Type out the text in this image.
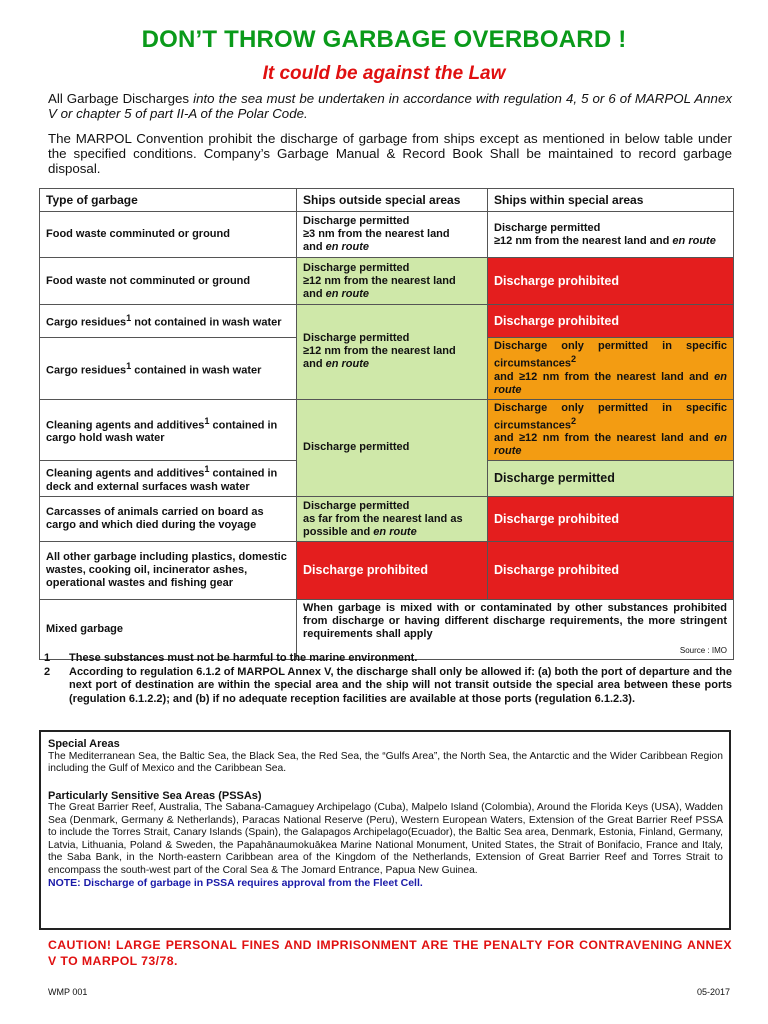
DON’T THROW GARBAGE OVERBOARD !
It could be against the Law
All Garbage Discharges into the sea must be undertaken in accordance with regulation 4, 5 or 6 of MARPOL Annex V or chapter 5 of part II-A of the Polar Code.
The MARPOL Convention prohibit the discharge of garbage from ships except as mentioned in below table under the specified conditions. Company’s Garbage Manual & Record Book Shall be maintained to record garbage disposal.
Type of garbage	Ships outside special areas	Ships within special areas
Food waste comminuted or ground	Discharge permitted
≥3 nm from the nearest land
and en route	Discharge permitted
≥12 nm from the nearest land and en route
Food waste not comminuted or ground	Discharge permitted
≥12 nm from the nearest land
and en route	Discharge prohibited
Cargo residues$^1$ not contained in wash water	Discharge permitted
≥12 nm from the nearest land
and en route	Discharge prohibited
Cargo residues$^1$ contained in wash water		Discharge only permitted in specific circumstances$^2$
and ≥12 nm from the nearest land and en route
Cleaning agents and additives$^1$ contained in cargo hold wash water	Discharge permitted	Discharge only permitted in specific circumstances$^2$
and ≥12 nm from the nearest land and en route
Cleaning agents and additives$^1$ contained in deck and external surfaces wash water		Discharge permitted
Carcasses of animals carried on board as cargo and which died during the voyage	Discharge permitted
as far from the nearest land as possible and en route	Discharge prohibited
All other garbage including plastics, domestic wastes, cooking oil, incinerator ashes, operational wastes and fishing gear	Discharge prohibited	Discharge prohibited
Mixed garbage	When garbage is mixed with or contaminated by other substances prohibited from discharge or having different discharge requirements, the more stringent requirements shall apply
Source : IMO	
1	These substances must not be harmful to the marine environment.
2	According to regulation 6.1.2 of MARPOL Annex V, the discharge shall only be allowed if: (a) both the port of departure and the next port of destination are within the special area and the ship will not transit outside the special area between these ports (regulation 6.1.2.2); and (b) if no adequate reception facilities are available at those ports (regulation 6.1.2.3).
Special Areas

The Mediterranean Sea, the Baltic Sea, the Black Sea, the Red Sea, the “Gulfs Area”, the North Sea, the Antarctic and the Wider Caribbean Region including the Gulf of Mexico and the Caribbean Sea.

Particularly Sensitive Sea Areas (PSSAs)

The Great Barrier Reef, Australia, The Sabana-Camaguey Archipelago (Cuba), Malpelo Island (Colombia), Around the Florida Keys (USA), Wadden Sea (Denmark, Germany & Netherlands), Paracas National Reserve (Peru), Western European Waters, Extension of the Great Barrier Reef PSSA to include the Torres Strait, Canary Islands (Spain), the Galapagos Archipelago(Ecuador), the Baltic Sea area, Denmark, Estonia, Finland, Germany, Latvia, Lithuania, Poland & Sweden, the Papahānaumokuākea Marine National Monument, United States, the Strait of Bonifacio, France and Italy, the Saba Bank, in the North-eastern Caribbean area of the Kingdom of the Netherlands, Extension of Great Barrier Reef and Torres Strait to encompass the south-west part of the Coral Sea & The Jomard Entrance, Papua New Guinea.

NOTE: Discharge of garbage in PSSA requires approval from the Fleet Cell.

CAUTION! LARGE PERSONAL FINES AND IMPRISONMENT ARE THE PENALTY FOR CONTRAVENING ANNEX V TO MARPOL 73/78.
WMP 001	05-2017
